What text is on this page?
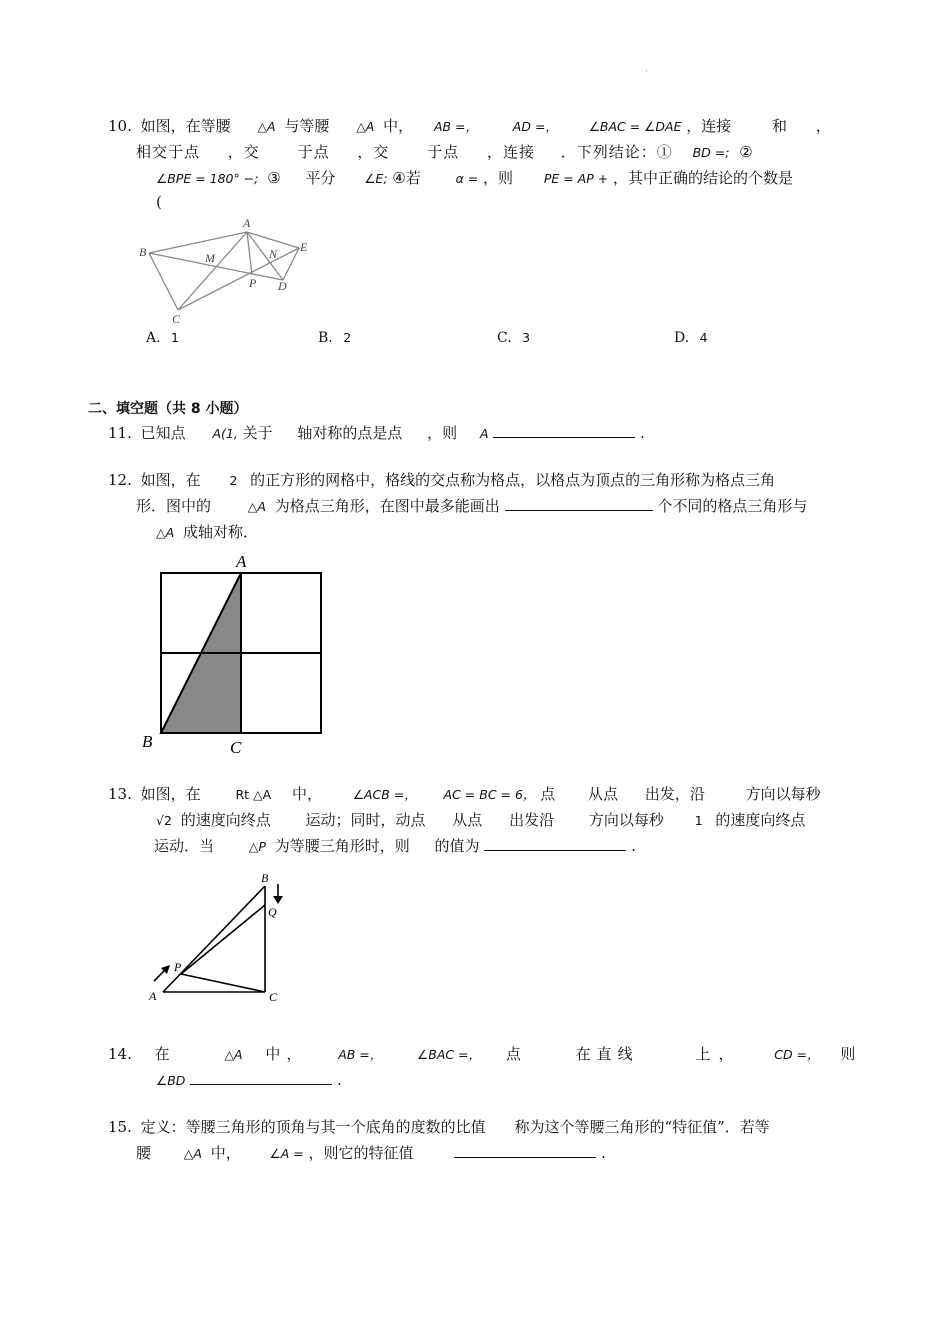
·
10. 如图，在等腰 △A 与等腰 △A 中， AB =，	AD =， ∠BAC = ∠DAE ，连接	和 ，
相交于点 ，交	于点 ，交	于点 ，连接 ．下列结论：① BD =; ②
∠BPE = 180° −; ③ 平分 ∠E; ④若	α = ，则 PE = AP + ，其中正确的结论的个数是
(
A
B
C
M	N
P D
E
A. 1	B. 2	C. 3	D. 4
二、填空题（共 8 小题）
11. 已知点 A(1, 关于 轴对称的点是点 ，则 A	.
12. 如图，在 2 的正方形的网格中，格线的交点称为格点，以格点为顶点的三角形称为格点三角
形．图中的	△A 为格点三角形，在图中最多能画出	个不同的格点三角形与
△A 成轴对称．
A
B	C
13. 如图，在	Rt △A 中， ∠ACB =， AC = BC = 6， 点 从点 出发，沿	方向以每秒
√2 的速度向终点 运动；同时，动点 从点 出发沿 方向以每秒 1 的速度向终点
运动．当	△P 为等腰三角形时，则 的值为	.
A
B
C
P
Q
14. 在	△A 中， AB =，	∠BAC =， 点	在直线	上，	CD =， 则
∠BD	.
15. 定义：等腰三角形的顶角与其一个底角的度数的比值 称为这个等腰三角形的“特征值”．若等
腰	△A 中， ∠A = ，则它的特征值	.
